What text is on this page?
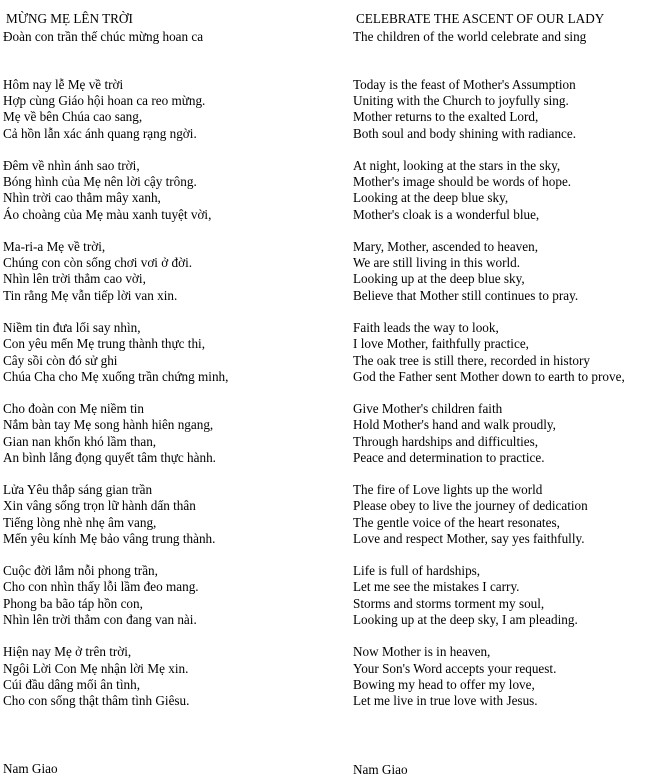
MỪNG MẸ LÊN TRỜI
Đoàn con trần thế chúc mừng hoan ca
Hôm nay lễ Mẹ về trời
Hợp cùng Giáo hội hoan ca reo mừng.
Mẹ về bên Chúa cao sang,
Cả hồn lẫn xác ánh quang rạng ngời.
Đêm về nhìn ánh sao trời,
Bóng hình của Mẹ nên lời cậy trông.
Nhìn trời cao thẳm mây xanh,
Áo choàng của Mẹ màu xanh tuyệt vời,
Ma-ri-a Mẹ về trời,
Chúng con còn sống chơi vơi ở đời.
Nhìn lên trời thẳm cao vời,
Tin rằng Mẹ vẫn tiếp lời van xin.
Niềm tin đưa lối say nhìn,
Con yêu mến Mẹ trung thành thực thi,
Cây sồi còn đó sử ghi
Chúa Cha cho Mẹ xuống trần chứng minh,
Cho đoàn con Mẹ niềm tin
Nắm bàn tay Mẹ song hành hiên ngang,
Gian nan khốn khó lầm than,
An bình lắng đọng quyết tâm thực hành.
Lửa Yêu thắp sáng gian trần
Xin vâng sống trọn lữ hành dấn thân
Tiếng lòng nhè nhẹ âm vang,
Mến yêu kính Mẹ bảo vâng trung thành.
Cuộc đời lắm nỗi phong trần,
Cho con nhìn thấy lỗi lầm đeo mang.
Phong ba bão táp hồn con,
Nhìn lên trời thẳm con đang van nài.
Hiện nay Mẹ ở trên trời,
Ngôi Lời Con Mẹ nhận lời Mẹ xin.
Cúi đầu dâng mối ân tình,
Cho con sống thật thâm tình Giêsu.
Nam Giao
CELEBRATE THE ASCENT OF OUR LADY
The children of the world celebrate and sing
Today is the feast of Mother's Assumption
Uniting with the Church to joyfully sing.
Mother returns to the exalted Lord,
Both soul and body shining with radiance.
At night, looking at the stars in the sky,
Mother's image should be words of hope.
Looking at the deep blue sky,
Mother's cloak is a wonderful blue,
Mary, Mother, ascended to heaven,
We are still living in this world.
Looking up at the deep blue sky,
Believe that Mother still continues to pray.
Faith leads the way to look,
I love Mother, faithfully practice,
The oak tree is still there, recorded in history
God the Father sent Mother down to earth to prove,
Give Mother's children faith
Hold Mother's hand and walk proudly,
Through hardships and difficulties,
Peace and determination to practice.
The fire of Love lights up the world
Please obey to live the journey of dedication
The gentle voice of the heart resonates,
Love and respect Mother, say yes faithfully.
Life is full of hardships,
Let me see the mistakes I carry.
Storms and storms torment my soul,
Looking up at the deep sky, I am pleading.
Now Mother is in heaven,
Your Son's Word accepts your request.
Bowing my head to offer my love,
Let me live in true love with Jesus.
Nam Giao
